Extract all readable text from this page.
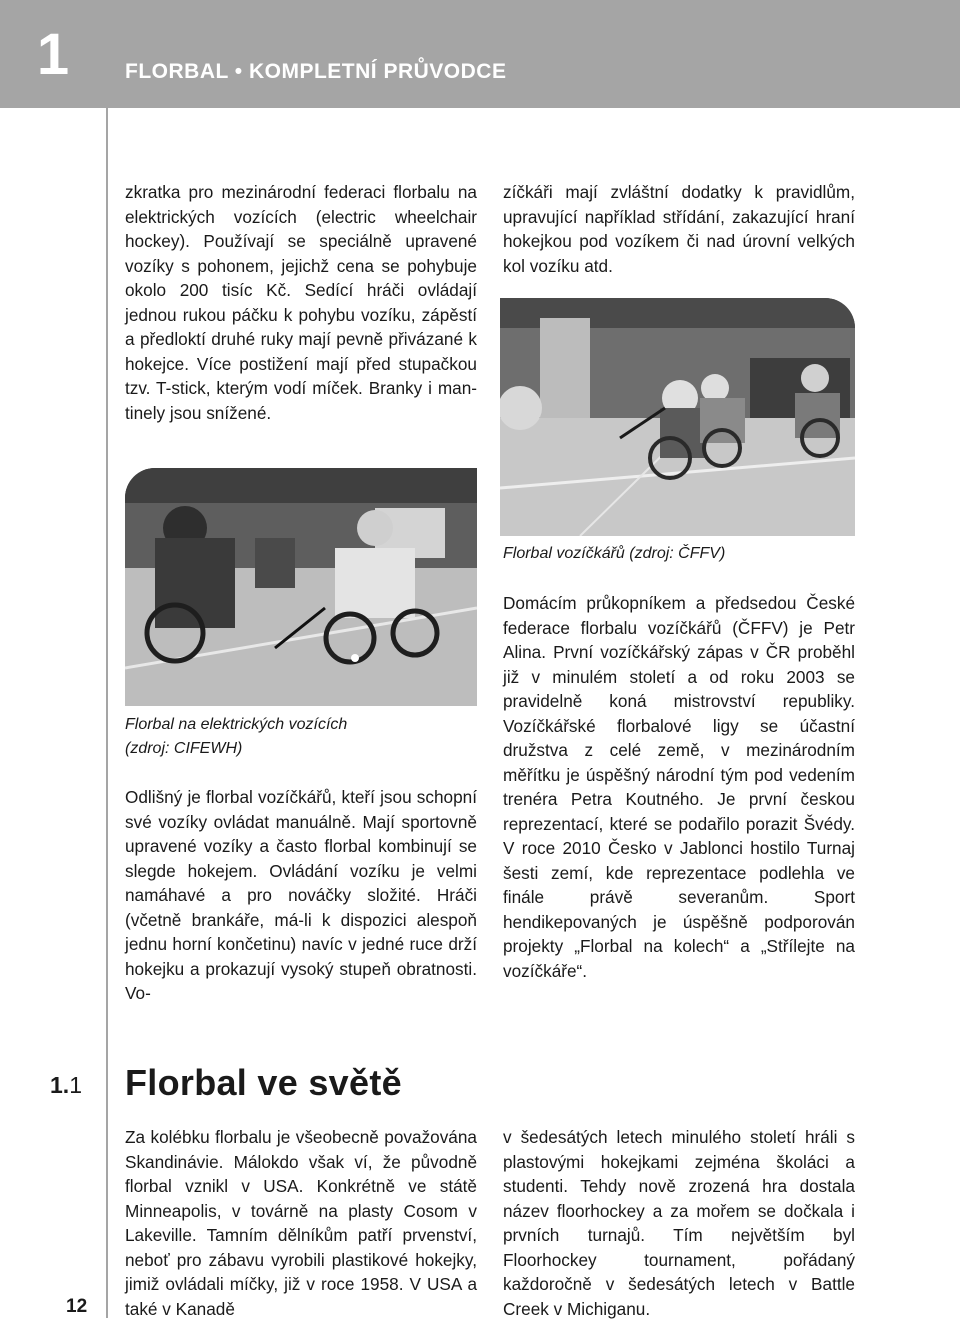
1	FLORBAL • KOMPLETNÍ PRŮVODCE

zkratka pro mezinárodní federaci florbalu na elektrických vozících (electric wheelchair hockey). Používají se speciálně upravené vozíky s pohonem, jejichž cena se pohybuje okolo 200 tisíc Kč. Sedící hráči ovládají jednou rukou páčku k pohybu vozíku, zápěstí a předloktí druhé ruky mají pevně přivázané k hokejce. Více postižení mají před stupačkou tzv. T-stick, kterým vodí míček. Branky i mantinely jsou snížené.

zíčkáři mají zvláštní dodatky k pravidlům, upravující například střídání, zakazující hraní hokejkou pod vozíkem či nad úrovní velkých kol vozíku atd.

Florbal vozíčkářů (zdroj: ČFFV)
Florbal na elektrických vozících (zdroj: CIFEWH)

Odlišný je florbal vozíčkářů, kteří jsou schopní své vozíky ovládat manuálně. Mají sportovně upravené vozíky a často florbal kombinují se slegde hokejem. Ovládání vozíku je velmi namáhavé a pro nováčky složité. Hráči (včetně brankáře, má-li k dispozici alespoň jednu horní končetinu) navíc v jedné ruce drží hokejku a prokazují vysoký stupeň obratnosti. Vo-

Domácím průkopníkem a předsedou České federace florbalu vozíčkářů (ČFFV) je Petr Alina. První vozíčkářský zápas v ČR proběhl již v minulém století a od roku 2003 se pravidelně koná mistrovství republiky. Vozíčkářské florbalové ligy se účastní družstva z celé země, v mezinárodním měřítku je úspěšný národní tým pod vedením trenéra Petra Koutného. Je první českou reprezentací, které se podařilo porazit Švédy. V roce 2010 Česko v Jablonci hostilo Turnaj šesti zemí, kde reprezentace podlehla ve finále právě severanům. Sport hendikepovaných je úspěšně podporován projekty „Florbal na kolech“ a „Střílejte na vozíčkáře“.

1.1 Florbal ve světě

Za kolébku florbalu je všeobecně považována Skandinávie. Málokdo však ví, že původně florbal vznikl v USA. Konkrétně ve státě Minneapolis, v továrně na plasty Cosom v Lakeville. Tamním dělníkům patří prvenství, neboť pro zábavu vyrobili plastikové hokejky, jimiž ovládali míčky, již v roce 1958. V USA a také v Kanadě

v šedesátých letech minulého století hráli s plastovými hokejkami zejména školáci a studenti. Tehdy nově zrozená hra dostala název floorhockey a za mořem se dočkala i prvních turnajů. Tím největším byl Floorhockey tournament, pořádaný každoročně v šedesátých letech v Battle Creek v Michiganu.

12
